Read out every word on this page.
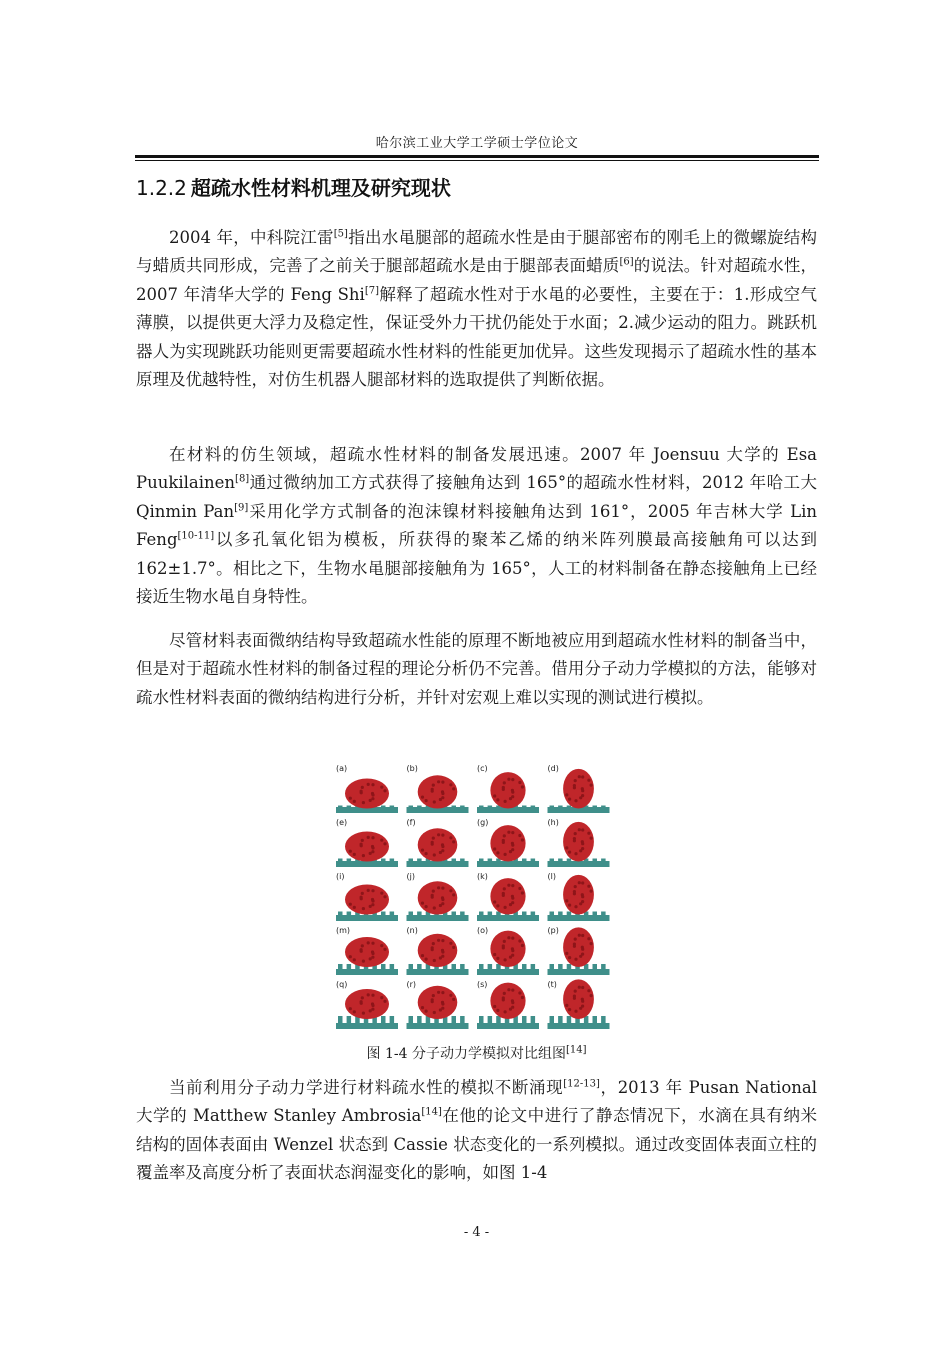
哈尔滨工业大学工学硕士学位论文
1.2.2 超疏水性材料机理及研究现状

2004 年，中科院江雷[5]指出水黾腿部的超疏水性是由于腿部密布的刚毛上的微螺旋结构与蜡质共同形成，完善了之前关于腿部超疏水是由于腿部表面蜡质[6]的说法。针对超疏水性，2007 年清华大学的 Feng Shi[7]解释了超疏水性对于水黾的必要性，主要在于：1.形成空气薄膜，以提供更大浮力及稳定性，保证受外力干扰仍能处于水面；2.减少运动的阻力。跳跃机器人为实现跳跃功能则更需要超疏水性材料的性能更加优异。这些发现揭示了超疏水性的基本原理及优越特性，对仿生机器人腿部材料的选取提供了判断依据。

在材料的仿生领域，超疏水性材料的制备发展迅速。2007 年 Joensuu 大学的 Esa Puukilainen[8]通过微纳加工方式获得了接触角达到 165°的超疏水性材料，2012 年哈工大 Qinmin Pan[9]采用化学方式制备的泡沫镍材料接触角达到 161°，2005 年吉林大学 Lin Feng[10-11]以多孔氧化铝为模板，所获得的聚苯乙烯的纳米阵列膜最高接触角可以达到 162±1.7°。相比之下，生物水黾腿部接触角为 165°，人工的材料制备在静态接触角上已经接近生物水黾自身特性。

尽管材料表面微纳结构导致超疏水性能的原理不断地被应用到超疏水性材料的制备当中，但是对于超疏水性材料的制备过程的理论分析仍不完善。借用分子动力学模拟的方法，能够对疏水性材料表面的微纳结构进行分析，并针对宏观上难以实现的测试进行模拟。

(a)	(b)	(c)	(d)
(e)	(f)	(g)	(h)
(i)	(j)	(k)	(l)
(m)	(n)	(o)	(p)
(q)	(r)	(s)	(t)
图 1-4 分子动力学模拟对比组图[14]

当前利用分子动力学进行材料疏水性的模拟不断涌现[12-13]，2013 年 Pusan National 大学的 Matthew Stanley Ambrosia[14]在他的论文中进行了静态情况下，水滴在具有纳米结构的固体表面由 Wenzel 状态到 Cassie 状态变化的一系列模拟。通过改变固体表面立柱的覆盖率及高度分析了表面状态润湿变化的影响，如图 1-4

- 4 -
